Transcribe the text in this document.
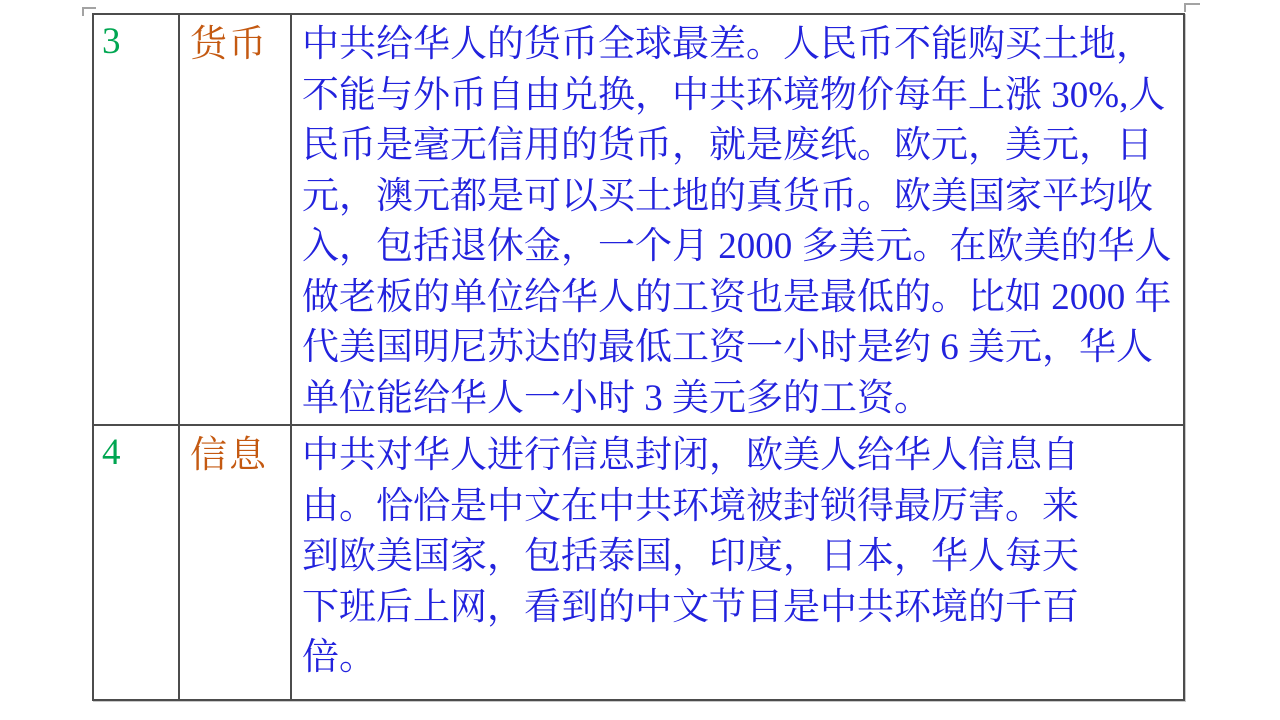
3	货币 中共给华人的货币全球最差。人民币不能购买土地，
不能与外币自由兑换，中共环境物价每年上涨 30%,人
民币是毫无信用的货币，就是废纸。欧元，美元，日
元，澳元都是可以买土地的真货币。欧美国家平均收
入，包括退休金，一个月 2000 多美元。在欧美的华人
做老板的单位给华人的工资也是最低的。比如 2000 年
代美国明尼苏达的最低工资一小时是约 6 美元，华人
单位能给华人一小时 3 美元多的工资。
4	信息 中共对华人进行信息封闭，欧美人给华人信息自
由。恰恰是中文在中共环境被封锁得最厉害。来
到欧美国家，包括泰国，印度，日本，华人每天
下班后上网，看到的中文节目是中共环境的千百
倍。
